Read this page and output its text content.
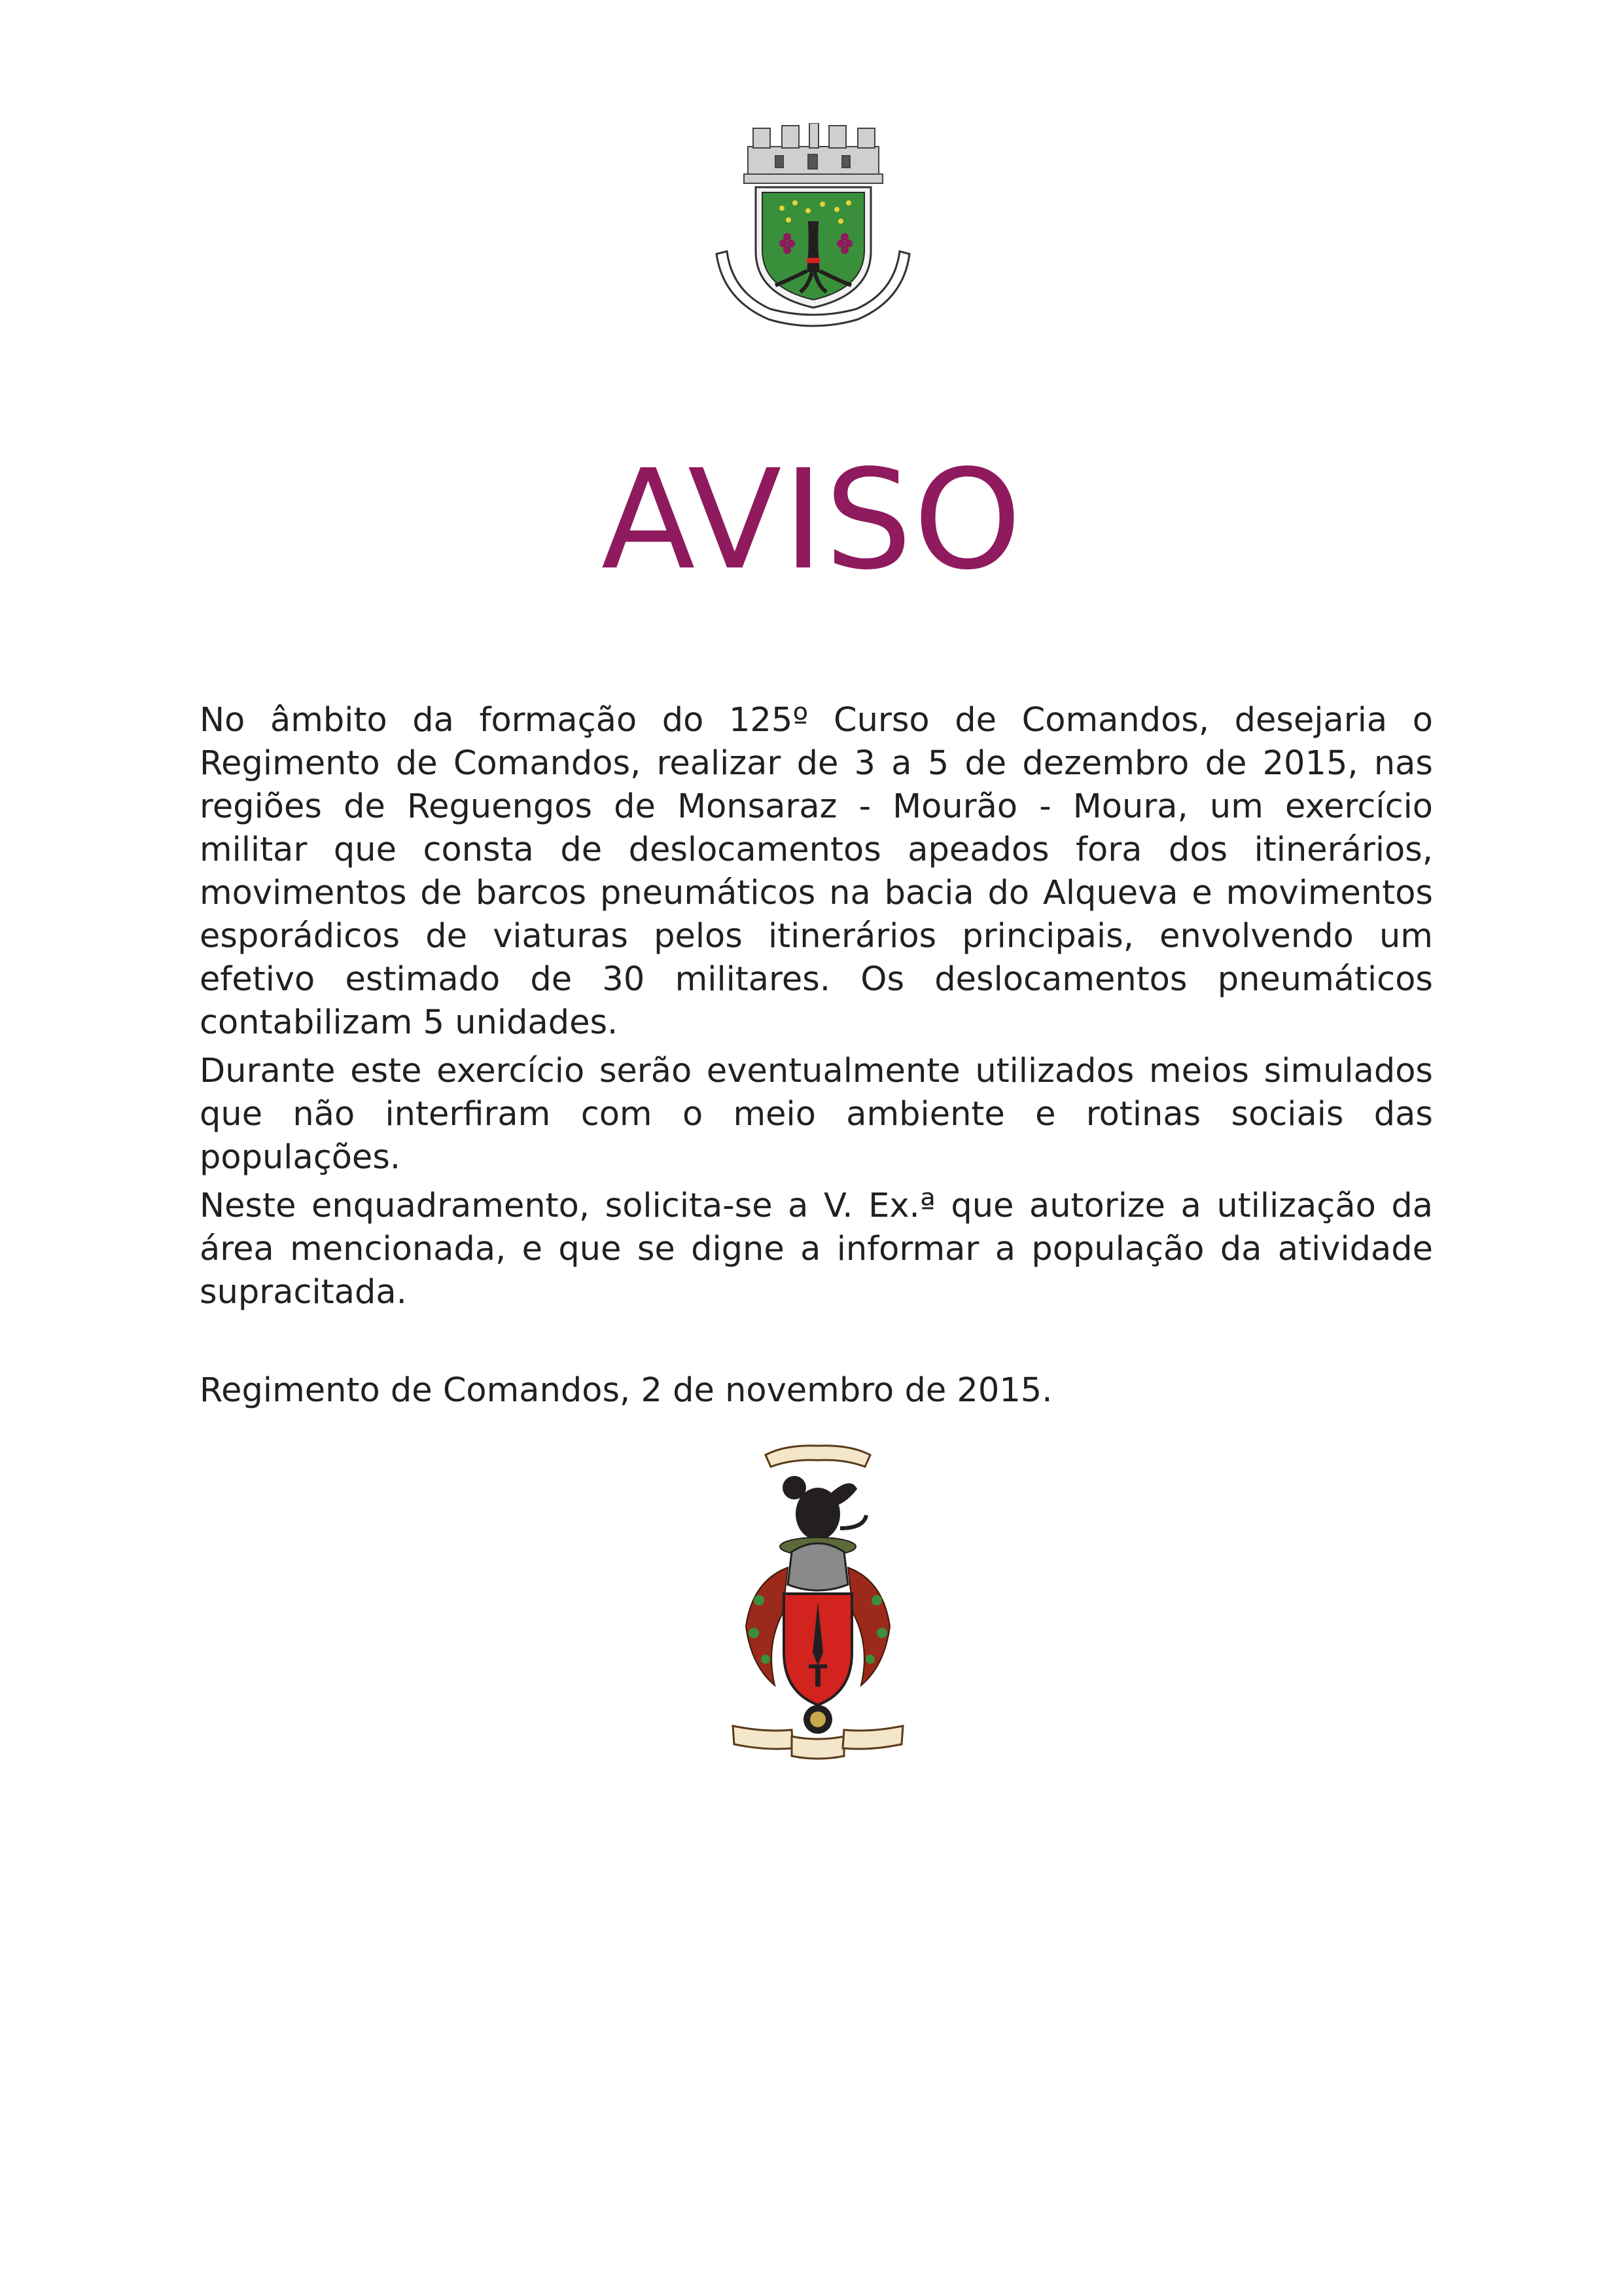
AVISO

No âmbito da formação do 125º Curso de Comandos, desejaria o Regimento de Comandos, realizar de 3 a 5 de dezembro de 2015, nas regiões de Reguengos de Monsaraz - Mourão - Moura, um exercício militar que consta de deslocamentos apeados fora dos itinerários, movimentos de barcos pneumáticos na bacia do Alqueva e movimentos esporádicos de viaturas pelos itinerários principais, envolvendo um efetivo estimado de 30 militares. Os deslocamentos pneumáticos contabilizam 5 unidades.

Durante este exercício serão eventualmente utilizados meios simulados que não interfiram com o meio ambiente e rotinas sociais das populações.

Neste enquadramento, solicita-se a V. Ex.ª que autorize a utilização da área mencionada, e que se digne a informar a população da atividade supracitada.

Regimento de Comandos, 2 de novembro de 2015.
